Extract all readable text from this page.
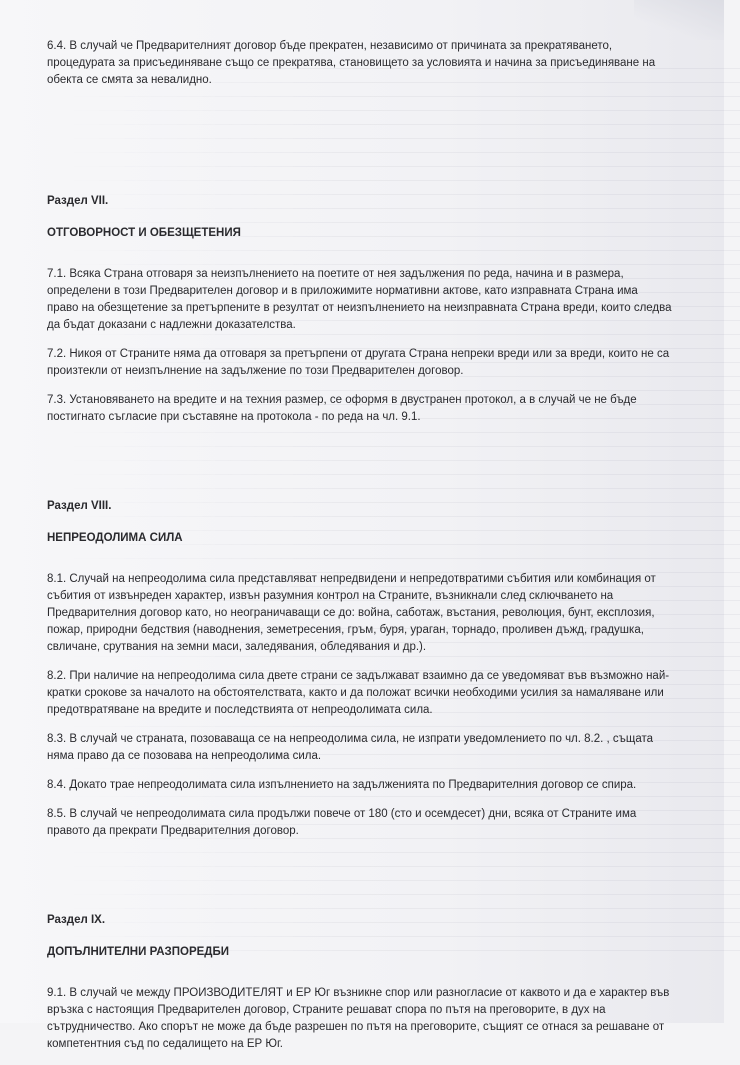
6.4. В случай че Предварителният договор бъде прекратен, независимо от причината за прекратяването, процедурата за присъединяване също се прекратява, становището за условията и начина за присъединяване на обекта се смята за невалидно.

Раздел VII.

ОТГОВОРНОСТ И ОБЕЗЩЕТЕНИЯ

7.1. Всяка Страна отговаря за неизпълнението на поетите от нея задължения по реда, начина и в размера, определени в този Предварителен договор и в приложимите нормативни актове, като изправната Страна има право на обезщетение за претърпените в резултат от неизпълнението на неизправната Страна вреди, които следва да бъдат доказани с надлежни доказателства.

7.2. Никоя от Страните няма да отговаря за претърпени от другата Страна непреки вреди или за вреди, които не са произтекли от неизпълнение на задължение по този Предварителен договор.

7.3. Установяването на вредите и на техния размер, се оформя в двустранен протокол, а в случай че не бъде постигнато съгласие при съставяне на протокола - по реда на чл. 9.1.

Раздел VIII.

НЕПРЕОДОЛИМА СИЛА

8.1. Случай на непреодолима сила представляват непредвидени и непредотвратими събития или комбинация от събития от извънреден характер, извън разумния контрол на Страните, възникнали след сключването на Предварителния договор като, но неограничаващи се до: война, саботаж, въстания, революция, бунт, експлозия, пожар, природни бедствия (наводнения, земетресения, гръм, буря, ураган, торнадо, проливен дъжд, градушка, свличане, срутвания на земни маси, заледявания, обледявания и др.).

8.2. При наличие на непреодолима сила двете страни се задължават взаимно да се уведомяват във възможно най-кратки срокове за началото на обстоятелствата, както и да положат всички необходими усилия за намаляване или предотвратяване на вредите и последствията от непреодолимата сила.

8.3. В случай че страната, позоваваща се на непреодолима сила, не изпрати уведомлението по чл. 8.2. , същата няма право да се позовава на непреодолима сила.

8.4. Докато трае непреодолимата сила изпълнението на задълженията по Предварителния договор се спира.

8.5. В случай че непреодолимата сила продължи повече от 180 (сто и осемдесет) дни, всяка от Страните има правото да прекрати Предварителния договор.

Раздел IX.

ДОПЪЛНИТЕЛНИ РАЗПОРЕДБИ

9.1. В случай че между ПРОИЗВОДИТЕЛЯТ и ЕР Юг възникне спор или разногласие от каквото и да е характер във връзка с настоящия Предварителен договор, Страните решават спора по пътя на преговорите, в дух на сътрудничество. Ако спорът не може да бъде разрешен по пътя на преговорите, същият се отнася за решаване от компетентния съд по седалището на ЕР Юг.
